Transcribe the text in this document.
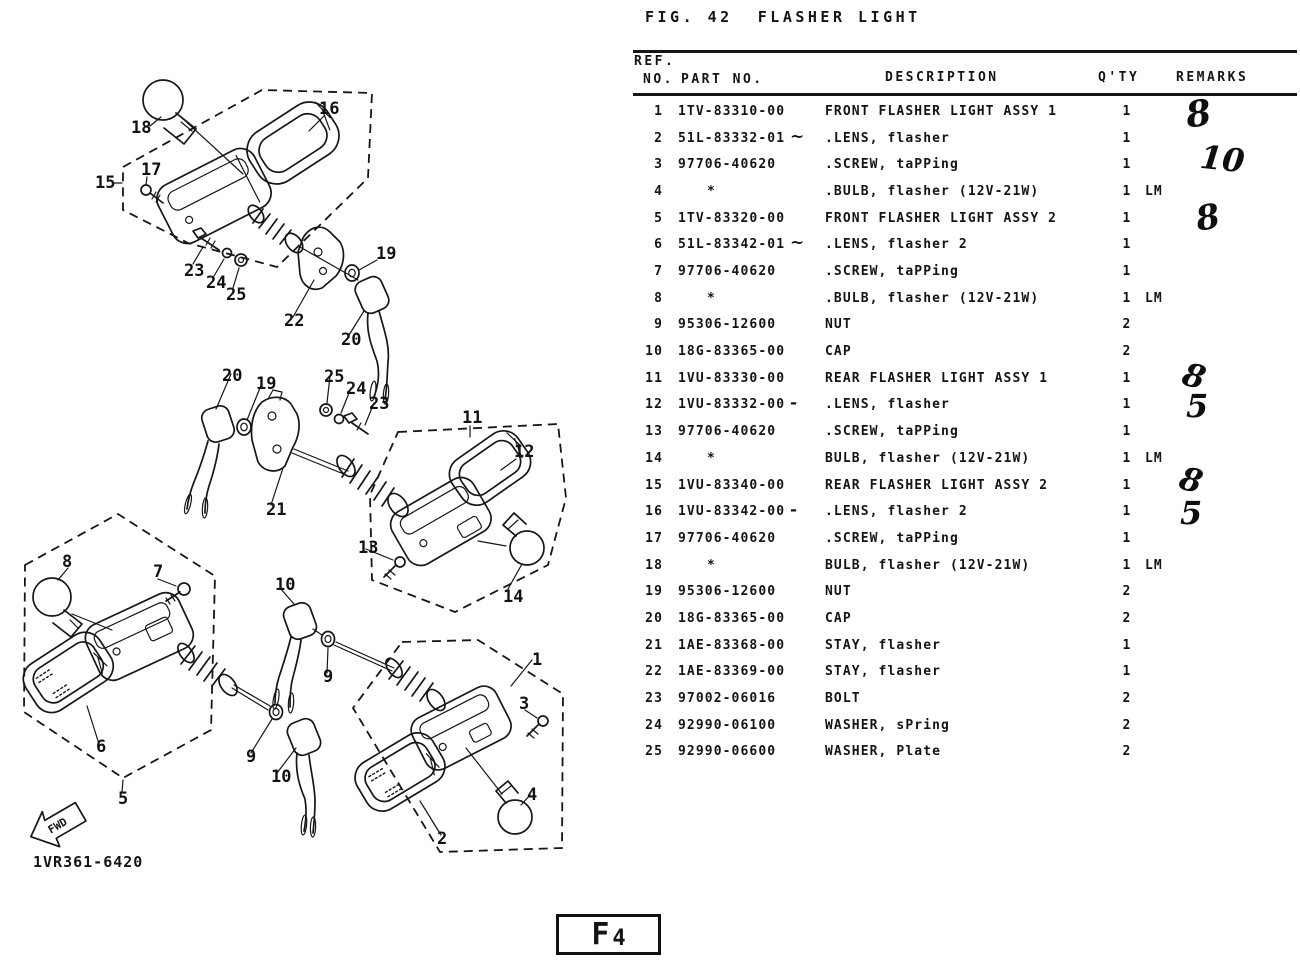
FIG. 42  FLASHER LIGHT
FWD
18
16
15
17
23
24
25
22
19
20
20 19	25
24
23
11
12
21
13
14
8	7
10
9
6
5
9
10
1
3
2
4
REF.
NO. PART NO.	DESCRIPTION	Q'TY	REMARKS
1 1TV-83310-00	FRONT FLASHER LIGHT ASSY 1	1
2 51L-83332-01 ~ .LENS, flasher	1
3 97706-40620	.SCREW, taPPing	1
4	*	.BULB, flasher (12V-21W)	1	LM
5 1TV-83320-00	FRONT FLASHER LIGHT ASSY 2	1
6 51L-83342-01 ~ .LENS, flasher 2	1
7 97706-40620	.SCREW, taPPing	1
8	*	.BULB, flasher (12V-21W)	1	LM
9 95306-12600	NUT	2
10 18G-83365-00	CAP	2
11 1VU-83330-00	REAR FLASHER LIGHT ASSY 1	1
12 1VU-83332-00 - .LENS, flasher	1
13 97706-40620	.SCREW, taPPing	1
14	*	BULB, flasher (12V-21W)	1	LM
15 1VU-83340-00	REAR FLASHER LIGHT ASSY 2	1
16 1VU-83342-00 - .LENS, flasher 2	1
17 97706-40620	.SCREW, taPPing	1
18	*	BULB, flasher (12V-21W)	1	LM
19 95306-12600	NUT	2
20 18G-83365-00	CAP	2
21 1AE-83368-00	STAY, flasher	1
22 1AE-83369-00	STAY, flasher	1
23 97002-06016	BOLT	2
24 92990-06100	WASHER, sPring	2
25 92990-06600	WASHER, Plate	2
1VR361-6420
F 4
8
10
8
8
5
8
5
